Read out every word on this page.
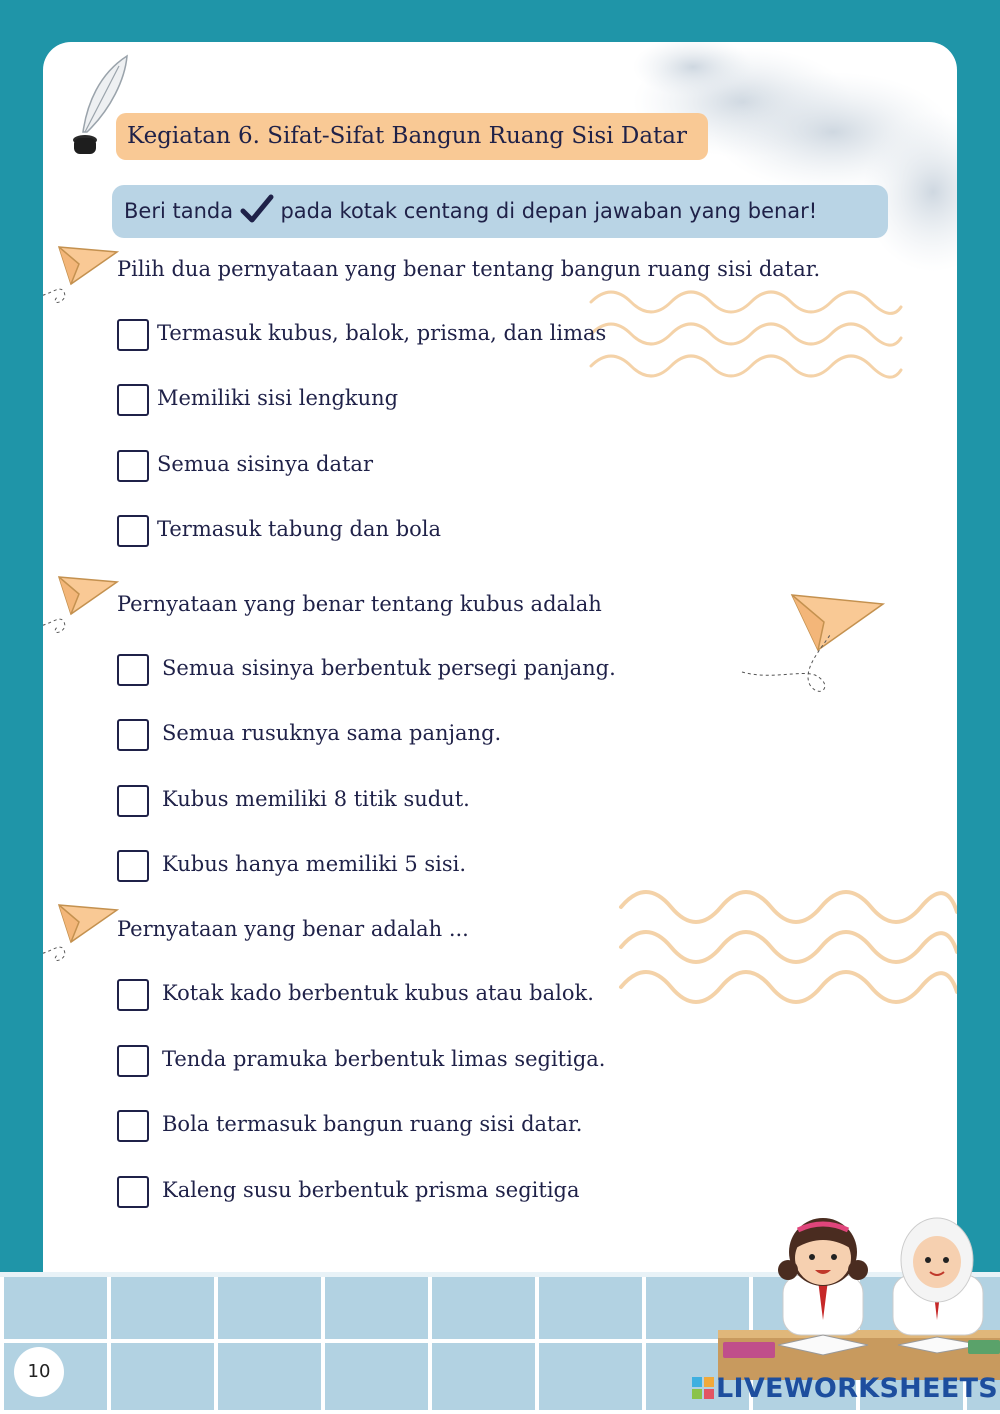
Kegiatan 6. Sifat-Sifat Bangun Ruang Sisi Datar
Beri tanda pada kotak centang di depan jawaban yang benar!
Pilih dua pernyataan yang benar tentang bangun ruang sisi datar.
Termasuk kubus, balok, prisma, dan limas
Memiliki sisi lengkung
Semua sisinya datar
Termasuk tabung dan bola
Pernyataan yang benar tentang kubus adalah
Semua sisinya berbentuk persegi panjang.
Semua rusuknya sama panjang.
Kubus memiliki 8 titik sudut.
Kubus hanya memiliki 5 sisi.
Pernyataan yang benar adalah ...
Kotak kado berbentuk kubus atau balok.
Tenda pramuka berbentuk limas segitiga.
Bola termasuk bangun ruang sisi datar.
Kaleng susu berbentuk prisma segitiga
10
LIVEWORKSHEETS
